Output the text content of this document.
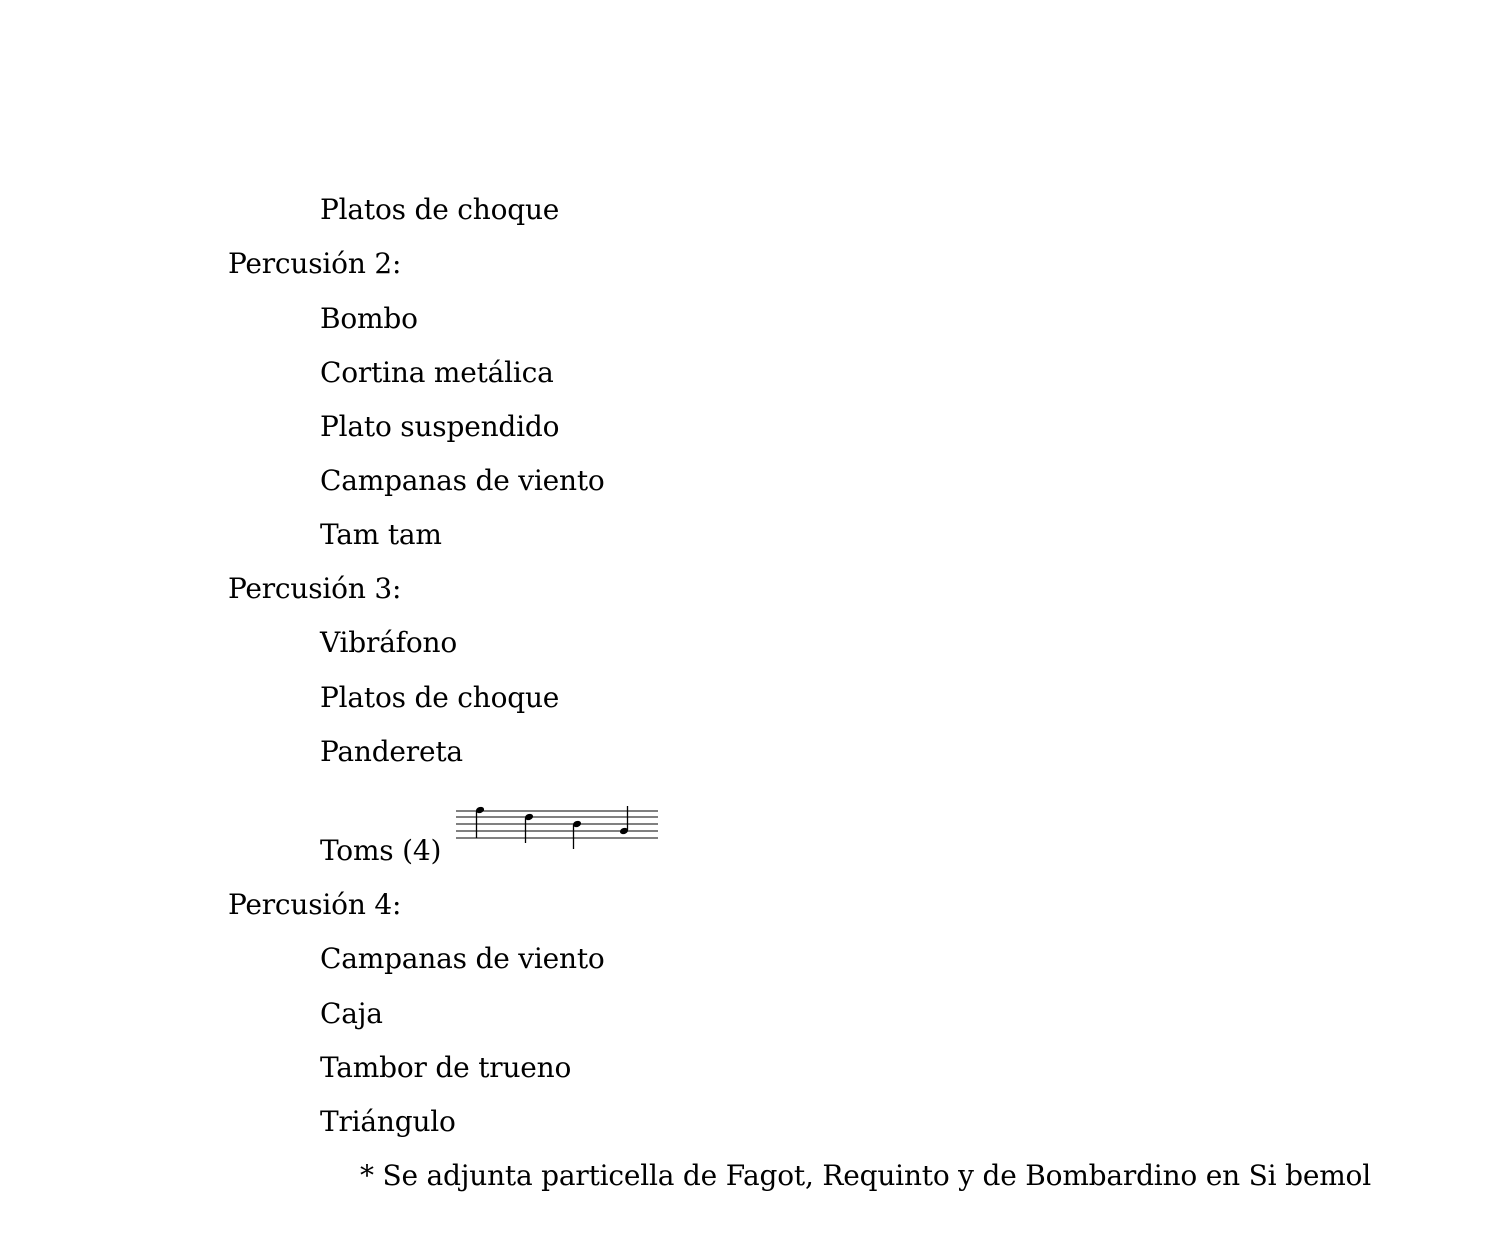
Platos de choque
Percusión 2:
Bombo
Cortina metálica
Plato suspendido
Campanas de viento
Tam tam
Percusión 3:
Vibráfono
Platos de choque
Pandereta
Toms (4)
Percusión 4:
Campanas de viento
Caja
Tambor de trueno
Triángulo
* Se adjunta particella de Fagot, Requinto y de Bombardino en Si bemol
